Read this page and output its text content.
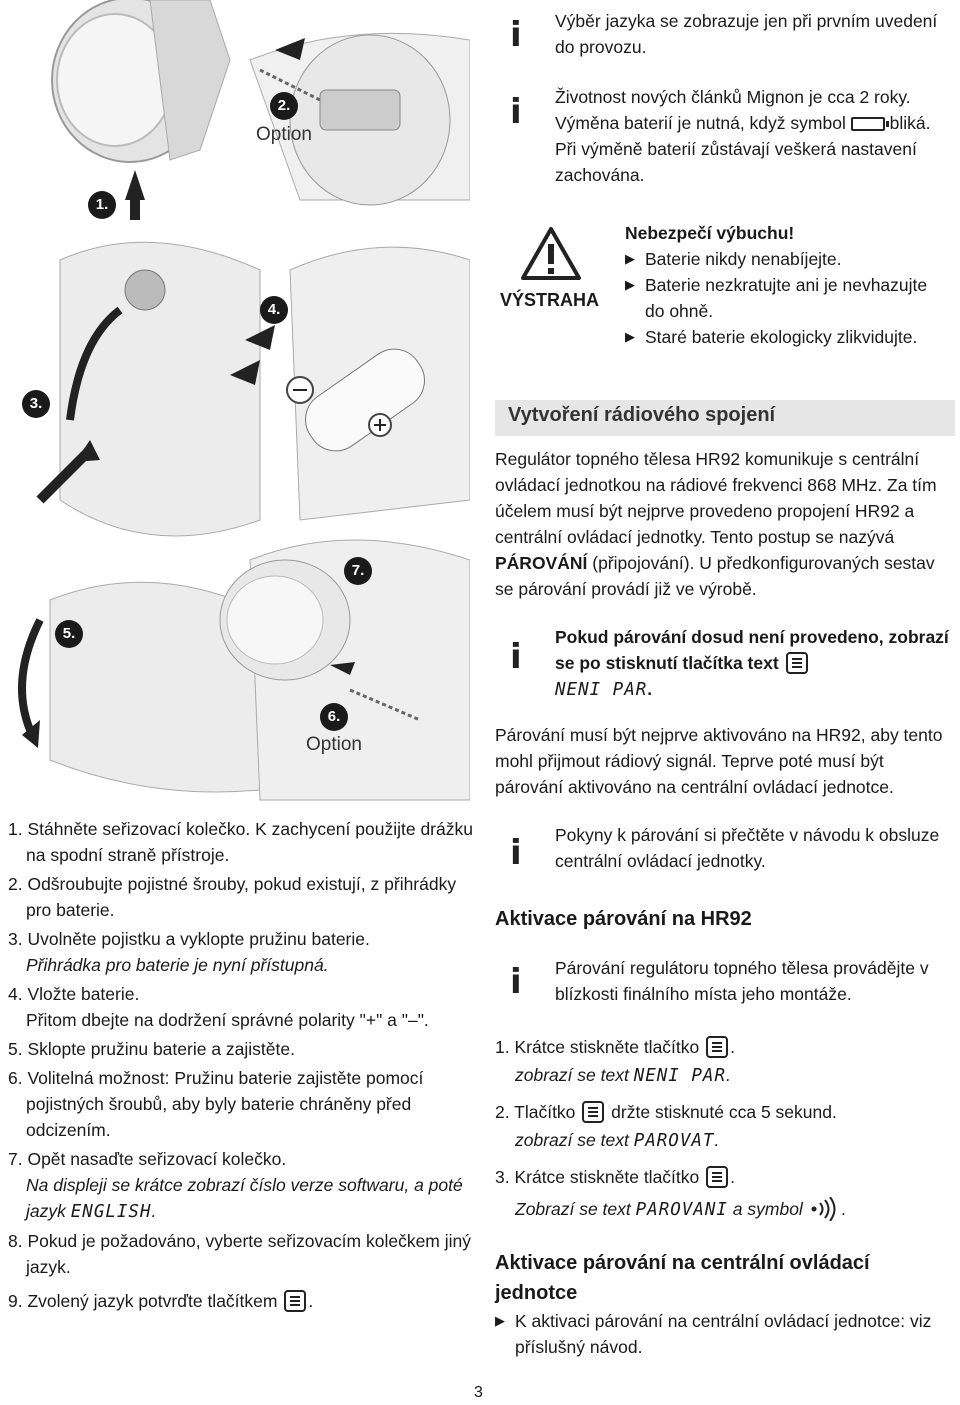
1.
2.
Option
3.
4.
5.
6.
Option
7.
1. Stáhněte seřizovací kolečko. K zachycení použijte drážku na spodní straně přístroje.
2. Odšroubujte pojistné šrouby, pokud existují, z přihrádky pro baterie.
3. Uvolněte pojistku a vyklopte pružinu baterie.
Přihrádka pro baterie je nyní přístupná.
4. Vložte baterie.
Přitom dbejte na dodržení správné polarity "+" a "–".
5. Sklopte pružinu baterie a zajistěte.
6. Volitelná možnost: Pružinu baterie zajistěte pomocí pojistných šroubů, aby byly baterie chráněny před odcizením.
7. Opět nasaďte seřizovací kolečko.
Na displeji se krátce zobrazí číslo verze softwaru, a poté jazyk ENGLISH.
8. Pokud je požadováno, vyberte seřizovacím kolečkem jiný jazyk.
9. Zvolený jazyk potvrďte tlačítkem .
i Výběr jazyka se zobrazuje jen při prvním uvedení do provozu.
i Životnost nových článků Mignon je cca 2 roky.
Výměna baterií je nutná, když symbol	bliká.
Při výměně baterií zůstávají veškerá nastavení zachována.
VÝSTRAHA
Nebezpečí výbuchu!
▶ Baterie nikdy nenabíjejte.
▶ Baterie nezkratujte ani je nevhazujte do ohně.
▶ Staré baterie ekologicky zlikvidujte.
Vytvoření rádiového spojení
Regulátor topného tělesa HR92 komunikuje s centrální ovládací jednotkou na rádiové frekvenci 868 MHz. Za tím účelem musí být nejprve provedeno propojení HR92 a centrální ovládací jednotky. Tento postup se nazývá PÁROVÁNÍ (připojování). U předkonfigurovaných sestav se párování provádí již ve výrobě.
i Pokud párování dosud není provedeno, zobrazí se po stisknutí tlačítka text
NENI PAR.
Párování musí být nejprve aktivováno na HR92, aby tento mohl přijmout rádiový signál. Teprve poté musí být párování aktivováno na centrální ovládací jednotce.
i Pokyny k párování si přečtěte v návodu k obsluze centrální ovládací jednotky.
Aktivace párování na HR92
i Párování regulátoru topného tělesa provádějte v blízkosti finálního místa jeho montáže.
1. Krátce stiskněte tlačítko .
zobrazí se text NENI PAR.
2. Tlačítko držte stisknuté cca 5 sekund.
zobrazí se text PAROVAT.
3. Krátce stiskněte tlačítko .
Zobrazí se text PAROVANI a symbol .
Aktivace párování na centrální ovládací jednotce
▶ K aktivaci párování na centrální ovládací jednotce: viz příslušný návod.
3
